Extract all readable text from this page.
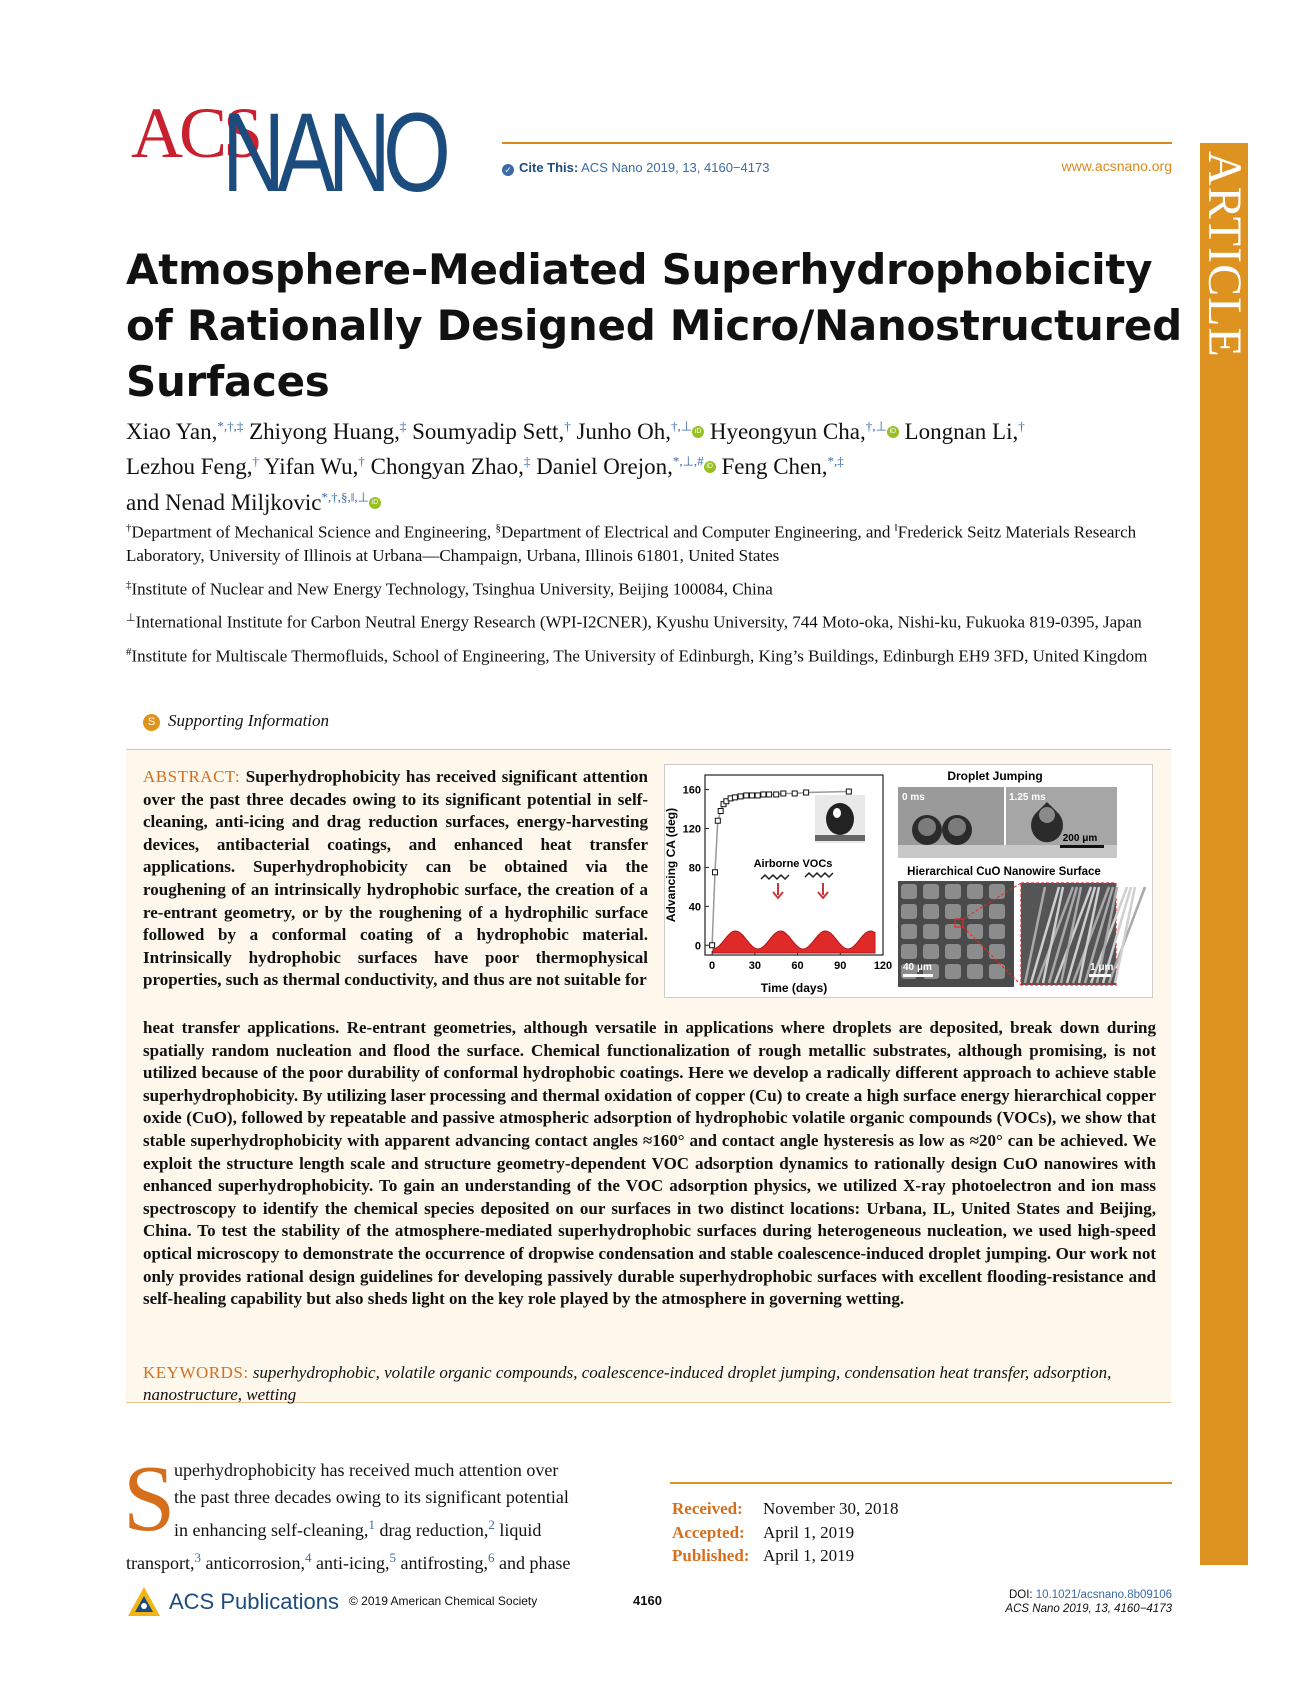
ACS
NANO	✓ Cite This: ACS Nano 2019, 13, 4160−4173	www.acsnano.org ARTICLE
Atmosphere-Mediated Superhydrophobicity of Rationally Designed Micro/Nanostructured Surfaces
Xiao Yan,*,†,‡ Zhiyong Huang,‡ Soumyadip Sett,† Junho Oh,†,⊥ iD Hyeongyun Cha,†,⊥ iD Longnan Li,†
Lezhou Feng,† Yifan Wu,† Chongyan Zhao,‡ Daniel Orejon,*,⊥,# iD Feng Chen,*,‡
and Nenad Miljkovic*,†,§,‖,⊥ iD

†Department of Mechanical Science and Engineering, §Department of Electrical and Computer Engineering, and ‖Frederick Seitz Materials Research Laboratory, University of Illinois at Urbana—Champaign, Urbana, Illinois 61801, United States

‡Institute of Nuclear and New Energy Technology, Tsinghua University, Beijing 100084, China

⊥International Institute for Carbon Neutral Energy Research (WPI-I2CNER), Kyushu University, 744 Moto-oka, Nishi-ku, Fukuoka 819-0395, Japan

#Institute for Multiscale Thermofluids, School of Engineering, The University of Edinburgh, King’s Buildings, Edinburgh EH9 3FD, United Kingdom

S Supporting Information
ABSTRACT: Superhydrophobicity has received significant attention over the past three decades owing to its significant potential in self-cleaning, anti-icing and drag reduction surfaces, energy-harvesting devices, antibacterial coatings, and enhanced heat transfer applications. Superhydrophobicity can be obtained via the roughening of an intrinsically hydrophobic surface, the creation of a re-entrant geometry, or by the roughening of a hydrophilic surface followed by a conformal coating of a hydrophobic material. Intrinsically hydrophobic surfaces have poor thermophysical properties, such as thermal conductivity, and thus are not suitable for
heat transfer applications. Re-entrant geometries, although versatile in applications where droplets are deposited, break down during spatially random nucleation and flood the surface. Chemical functionalization of rough metallic substrates, although promising, is not utilized because of the poor durability of conformal hydrophobic coatings. Here we develop a radically different approach to achieve stable superhydrophobicity. By utilizing laser processing and thermal oxidation of copper (Cu) to create a high surface energy hierarchical copper oxide (CuO), followed by repeatable and passive atmospheric adsorption of hydrophobic volatile organic compounds (VOCs), we show that stable superhydrophobicity with apparent advancing contact angles ≈160° and contact angle hysteresis as low as ≈20° can be achieved. We exploit the structure length scale and structure geometry-dependent VOC adsorption dynamics to rationally design CuO nanowires with enhanced superhydrophobicity. To gain an understanding of the VOC adsorption physics, we utilized X-ray photoelectron and ion mass spectroscopy to identify the chemical species deposited on our surfaces in two distinct locations: Urbana, IL, United States and Beijing, China. To test the stability of the atmosphere-mediated superhydrophobic surfaces during heterogeneous nucleation, we used high-speed optical microscopy to demonstrate the occurrence of dropwise condensation and stable coalescence-induced droplet jumping. Our work not only provides rational design guidelines for developing passively durable superhydrophobic surfaces with excellent flooding-resistance and self-healing capability but also sheds light on the key role played by the atmosphere in governing wetting.
KEYWORDS: superhydrophobic, volatile organic compounds, coalescence-induced droplet jumping, condensation heat transfer, adsorption, nanostructure, wetting
Advancing CA (deg)
Time (days)
0	30	60	90 120
0
40
80
120
160
Airborne VOCs
Droplet Jumping
0 ms	1.25 ms
200 μm
Hierarchical CuO Nanowire Surface
40 μm	1 μm
S
uperhydrophobicity has received much attention over
the past three decades owing to its significant potential
in enhancing self-cleaning,$^1$ drag reduction,$^2$ liquid
transport,$^3$ anticorrosion,$^4$ anti-icing,$^5$ antifrosting,$^6$ and phase
Received: November 30, 2018
Accepted: April 1, 2019
Published: April 1, 2019
ACS Publications © 2019 American Chemical Society	4160	DOI: 10.1021/acsnano.8b09106
ACS Nano 2019, 13, 4160−4173
